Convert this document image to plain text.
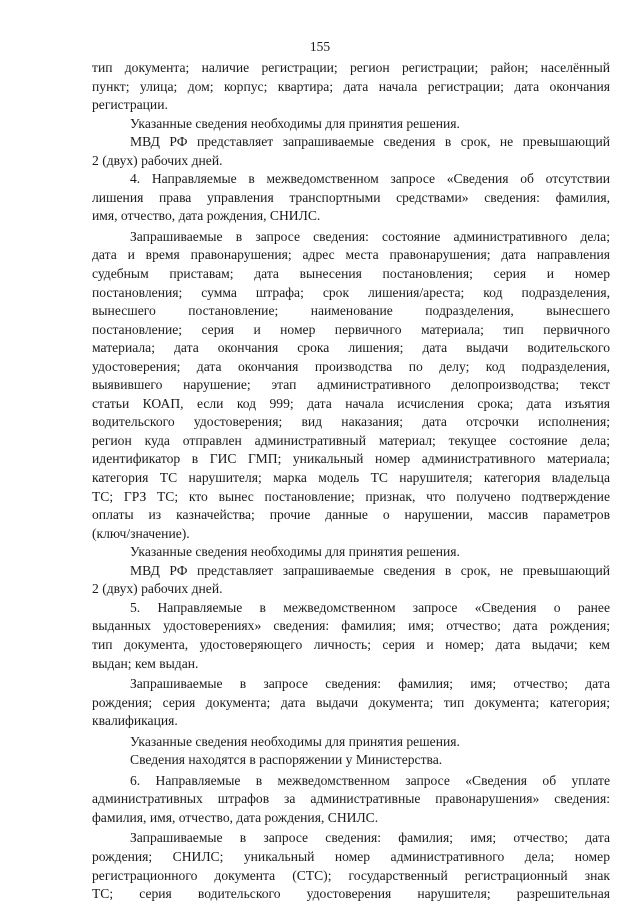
155

тип документа; наличие регистрации; регион регистрации; район; населённый

пункт; улица; дом; корпус; квартира; дата начала регистрации; дата окончания

регистрации.

Указанные сведения необходимы для принятия решения.

МВД РФ представляет запрашиваемые сведения в срок, не превышающий

2 (двух) рабочих дней.

4. Направляемые в межведомственном запросе «Сведения об отсутствии

лишения права управления транспортными средствами» сведения: фамилия,

имя, отчество, дата рождения, СНИЛС.

Запрашиваемые в запросе сведения: состояние административного дела;

дата и время правонарушения; адрес места правонарушения; дата направления

судебным приставам; дата вынесения постановления; серия и номер

постановления; сумма штрафа; срок лишения/ареста; код подразделения,

вынесшего постановление; наименование подразделения, вынесшего

постановление; серия и номер первичного материала; тип первичного

материала; дата окончания срока лишения; дата выдачи водительского

удостоверения; дата окончания производства по делу; код подразделения,

выявившего нарушение; этап административного делопроизводства; текст

статьи КОАП, если код 999; дата начала исчисления срока; дата изъятия

водительского удостоверения; вид наказания; дата отсрочки исполнения;

регион куда отправлен административный материал; текущее состояние дела;

идентификатор в ГИС ГМП; уникальный номер административного материала;

категория ТС нарушителя; марка модель ТС нарушителя; категория владельца

ТС; ГРЗ ТС; кто вынес постановление; признак, что получено подтверждение

оплаты из казначейства; прочие данные о нарушении, массив параметров

(ключ/значение).

Указанные сведения необходимы для принятия решения.

МВД РФ представляет запрашиваемые сведения в срок, не превышающий

2 (двух) рабочих дней.

5. Направляемые в межведомственном запросе «Сведения о ранее

выданных удостоверениях» сведения: фамилия; имя; отчество; дата рождения;

тип документа, удостоверяющего личность; серия и номер; дата выдачи; кем

выдан; кем выдан.

Запрашиваемые в запросе сведения: фамилия; имя; отчество; дата

рождения; серия документа; дата выдачи документа; тип документа; категория;

квалификация.

Указанные сведения необходимы для принятия решения.

Сведения находятся в распоряжении у Министерства.

6. Направляемые в межведомственном запросе «Сведения об уплате

административных штрафов за административные правонарушения» сведения:

фамилия, имя, отчество, дата рождения, СНИЛС.

Запрашиваемые в запросе сведения: фамилия; имя; отчество; дата

рождения; СНИЛС; уникальный номер административного дела; номер

регистрационного документа (СТС); государственный регистрационный знак

ТС; серия водительского удостоверения нарушителя; разрешительная
